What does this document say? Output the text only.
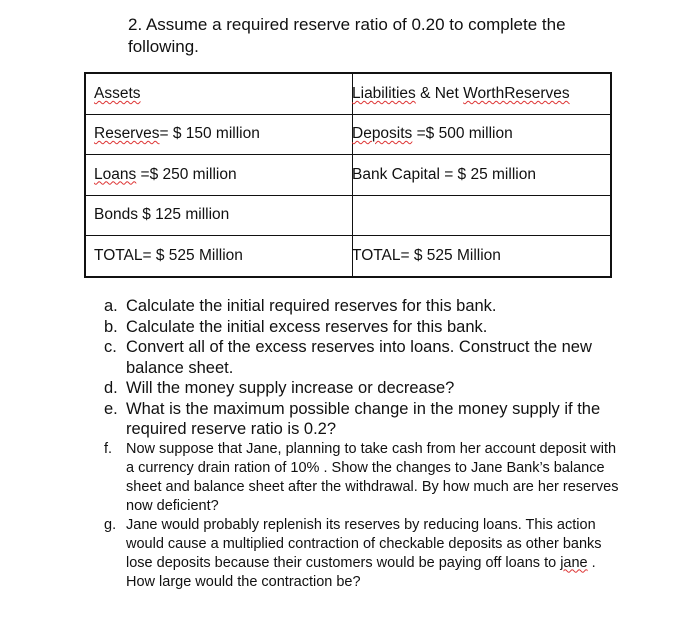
2. Assume a required reserve ratio of 0.20 to complete the following.
Assets	Liabilities & Net WorthReserves
Reserves = $ 150 million	Deposits =$ 500 million
Loans =$ 250 million	Bank Capital = $ 25 million
Bonds $ 125 million
TOTAL= $ 525 Million	TOTAL= $ 525 Million
a. Calculate the initial required reserves for this bank.
b. Calculate the initial excess reserves for this bank.
c. Convert all of the excess reserves into loans. Construct the new balance sheet.
d. Will the money supply increase or decrease?
e. What is the maximum possible change in the money supply if the required reserve ratio is 0.2?
f. Now suppose that Jane, planning to take cash from her account deposit with a currency drain ration of 10% . Show the changes to Jane Bank’s balance sheet and balance sheet after the withdrawal. By how much are her reserves now deficient?
g. Jane would probably replenish its reserves by reducing loans. This action would cause a multiplied contraction of checkable deposits as other banks lose deposits because their customers would be paying off loans to jane . How large would the contraction be?
